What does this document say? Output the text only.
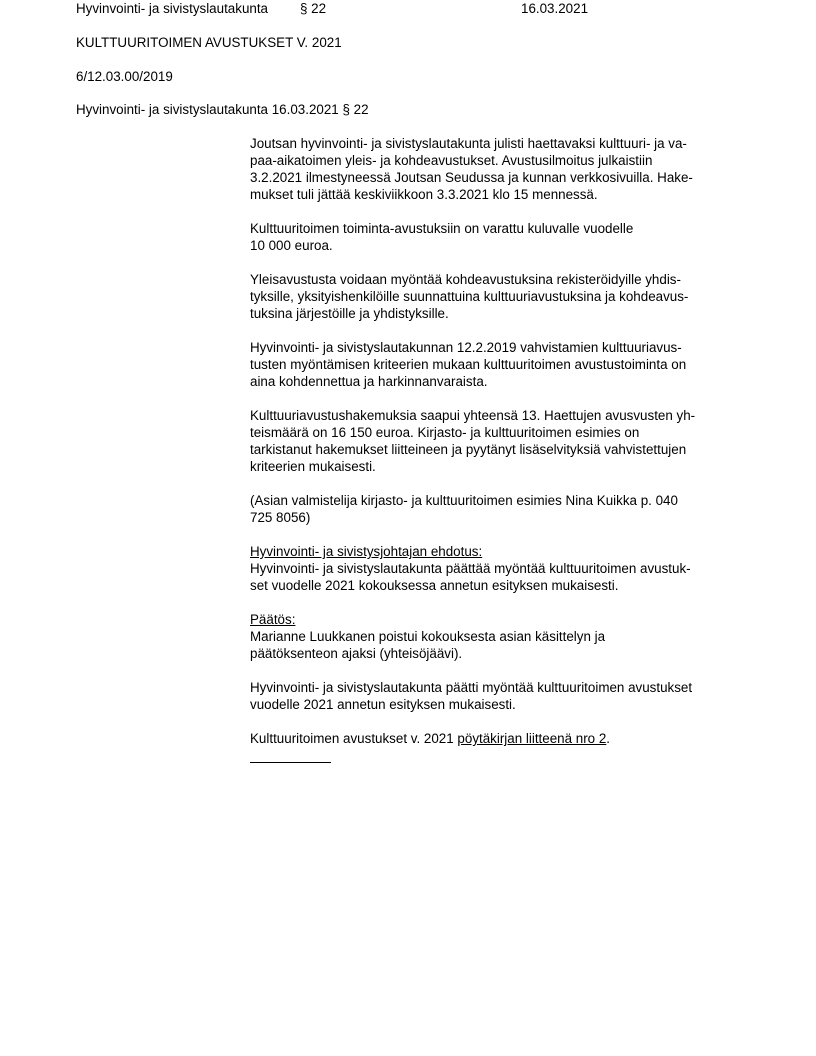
Hyvinvointi- ja sivistyslautakunta § 22	16.03.2021
KULTTUURITOIMEN AVUSTUKSET V. 2021
6/12.03.00/2019
Hyvinvointi- ja sivistyslautakunta 16.03.2021 § 22

Joutsan hyvinvointi- ja sivistyslautakunta julisti haettavaksi kulttuuri- ja va-
paa-aikatoimen yleis- ja kohdeavustukset. Avustusilmoitus julkaistiin
3.2.2021 ilmestyneessä Joutsan Seudussa ja kunnan verkkosivuilla. Hake-
mukset tuli jättää keskiviikkoon 3.3.2021 klo 15 mennessä.

Kulttuuritoimen toiminta-avustuksiin on varattu kuluvalle vuodelle
10 000 euroa.

Yleisavustusta voidaan myöntää kohdeavustuksina rekisteröidyille yhdis-
tyksille, yksityishenkilöille suunnattuina kulttuuriavustuksina ja kohdeavus-
tuksina järjestöille ja yhdistyksille.

Hyvinvointi- ja sivistyslautakunnan 12.2.2019 vahvistamien kulttuuriavus-
tusten myöntämisen kriteerien mukaan kulttuuritoimen avustustoiminta on
aina kohdennettua ja harkinnanvaraista.

Kulttuuriavustushakemuksia saapui yhteensä 13. Haettujen avusvusten yh-
teismäärä on 16 150 euroa. Kirjasto- ja kulttuuritoimen esimies on
tarkistanut hakemukset liitteineen ja pyytänyt lisäselvityksiä vahvistettujen
kriteerien mukaisesti.

(Asian valmistelija kirjasto- ja kulttuuritoimen esimies Nina Kuikka p. 040
725 8056)

Hyvinvointi- ja sivistysjohtajan ehdotus:
Hyvinvointi- ja sivistyslautakunta päättää myöntää kulttuuritoimen avustuk-
set vuodelle 2021 kokouksessa annetun esityksen mukaisesti.

Päätös:
Marianne Luukkanen poistui kokouksesta asian käsittelyn ja
päätöksenteon ajaksi (yhteisöjäävi).

Hyvinvointi- ja sivistyslautakunta päätti myöntää kulttuuritoimen avustukset
vuodelle 2021 annetun esityksen mukaisesti.

Kulttuuritoimen avustukset v. 2021 pöytäkirjan liitteenä nro 2.
